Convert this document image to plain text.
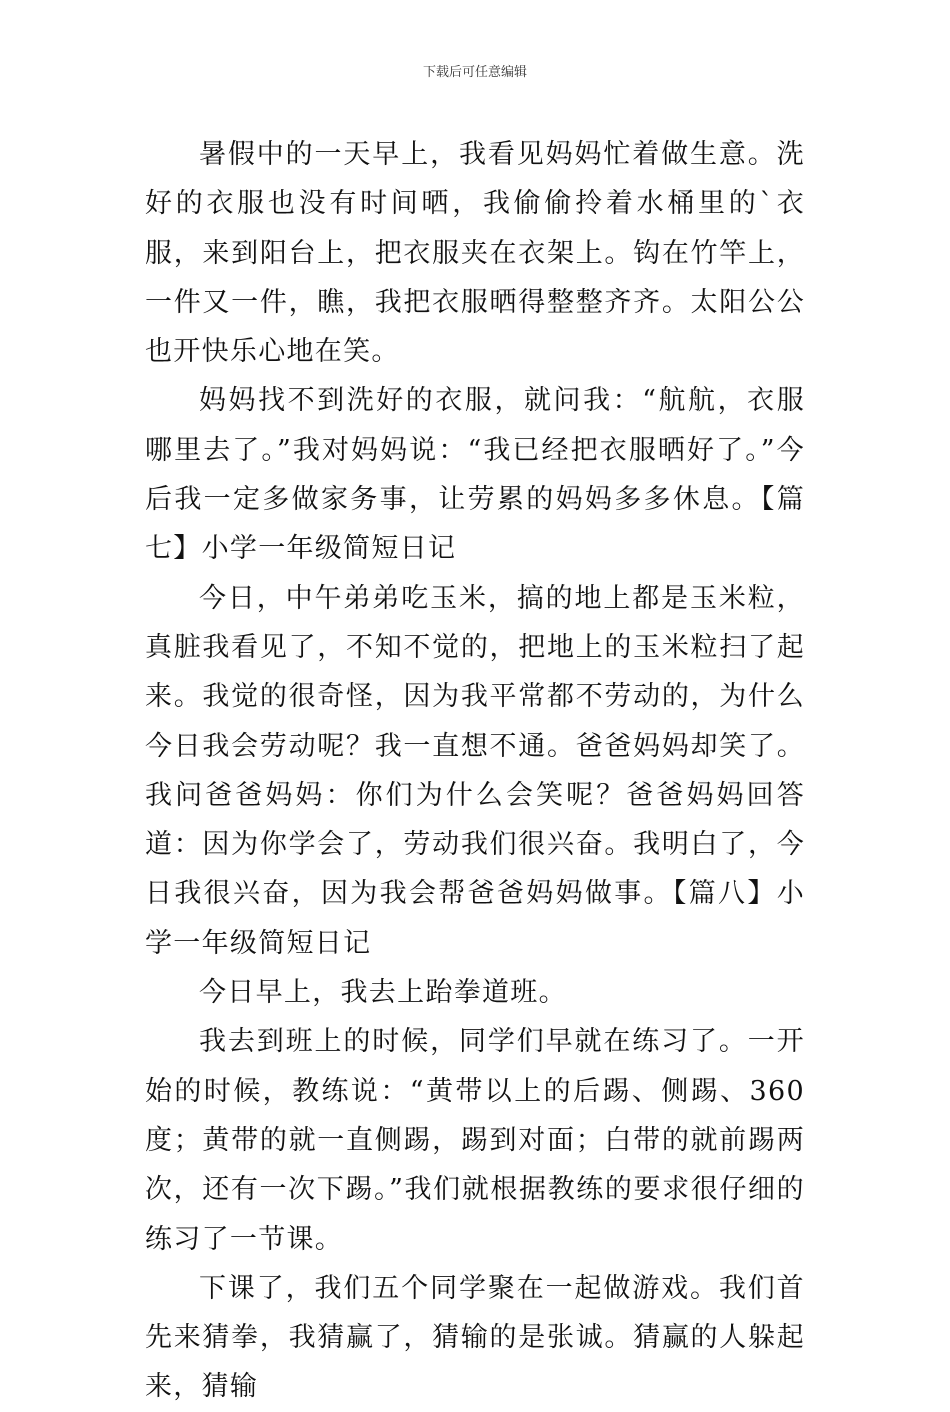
下载后可任意编辑

暑假中的一天早上，我看见妈妈忙着做生意。洗好的衣服也没有时间晒，我偷偷拎着水桶里的`衣服，来到阳台上，把衣服夹在衣架上。钩在竹竿上，一件又一件，瞧，我把衣服晒得整整齐齐。太阳公公也开快乐心地在笑。

妈妈找不到洗好的衣服，就问我：“航航，衣服哪里去了。”我对妈妈说：“我已经把衣服晒好了。”今后我一定多做家务事，让劳累的妈妈多多休息。【篇七】小学一年级简短日记

今日，中午弟弟吃玉米，搞的地上都是玉米粒，真脏我看见了，不知不觉的，把地上的玉米粒扫了起来。我觉的很奇怪，因为我平常都不劳动的，为什么今日我会劳动呢？我一直想不通。爸爸妈妈却笑了。我问爸爸妈妈：你们为什么会笑呢？爸爸妈妈回答道：因为你学会了，劳动我们很兴奋。我明白了，今日我很兴奋，因为我会帮爸爸妈妈做事。【篇八】小学一年级简短日记

今日早上，我去上跆拳道班。

我去到班上的时候，同学们早就在练习了。一开始的时候，教练说：“黄带以上的后踢、侧踢、360度；黄带的就一直侧踢，踢到对面；白带的就前踢两次，还有一次下踢。”我们就根据教练的要求很仔细的练习了一节课。

下课了，我们五个同学聚在一起做游戏。我们首先来猜拳，我猜赢了，猜输的是张诚。猜赢的人躲起来，猜输
